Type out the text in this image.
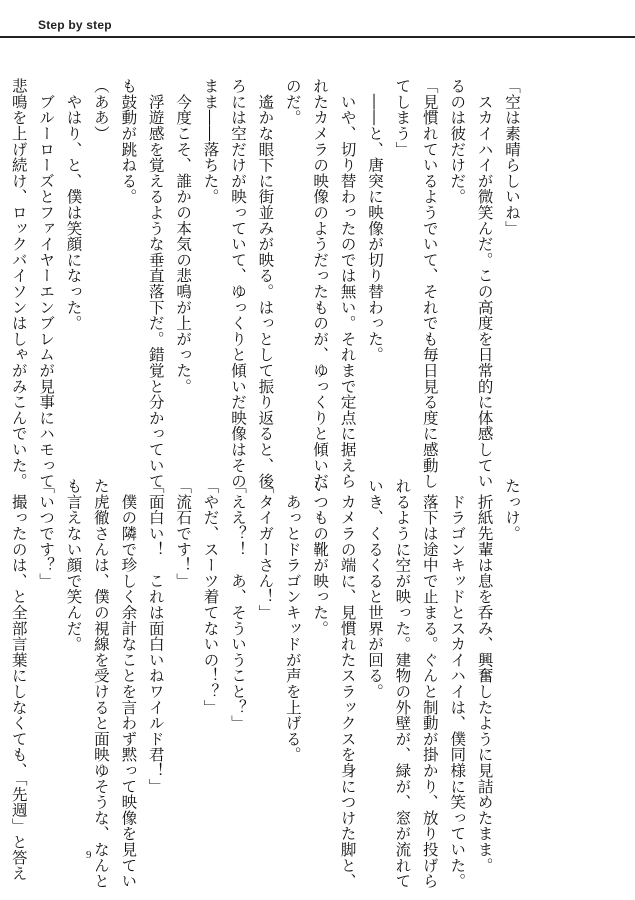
Step by step
「空は素晴らしいね」
　スカイハイが微笑んだ。この高度を日常的に体感してい
るのは彼だけだ。
「見慣れているようでいて、それでも毎日見る度に感動し
てしまう」
　――と、唐突に映像が切り替わった。
　いや、切り替わったのでは無い。それまで定点に据えら
れたカメラの映像のようだったものが、ゆっくりと傾いだ
のだ。
　遙かな眼下に街並みが映る。はっとして振り返ると、後
ろには空だけが映っていて、ゆっくりと傾いだ映像はその
まま――落ちた。
　今度こそ、誰かの本気の悲鳴が上がった。
　浮遊感を覚えるような垂直落下だ。錯覚と分かっていて
も鼓動が跳ねる。
（ああ）
　やはり、と、僕は笑顔になった。
　ブルーローズとファイヤーエンブレムが見事にハモって
悲鳴を上げ続け、ロックバイソンはしゃがみこんでいた。
たっけ。
　折紙先輩は息を呑み、興奮したように見詰めたまま。
　ドラゴンキッドとスカイハイは、僕同様に笑っていた。
　落下は途中で止まる。ぐんと制動が掛かり、放り投げら
れるように空が映った。建物の外壁が、緑が、窓が流れて
いき、くるくると世界が回る。
　カメラの端に、見慣れたスラックスを身につけた脚と、
いつもの靴が映った。
　あっとドラゴンキッドが声を上げる。
「タイガーさん！」
「ええ？！　あ、そういうこと？」
「やだ、スーツ着てないの！？」
「流石です！」
「面白い！　これは面白いねワイルド君！」
　僕の隣で珍しく余計なことを言わず黙って映像を見てい
た虎徹さんは、僕の視線を受けると面映ゆそうな、なんと
も言えない顔で笑んだ。
「いつです？」
　撮ったのは、と全部言葉にしなくても、「先週」と答え	9
